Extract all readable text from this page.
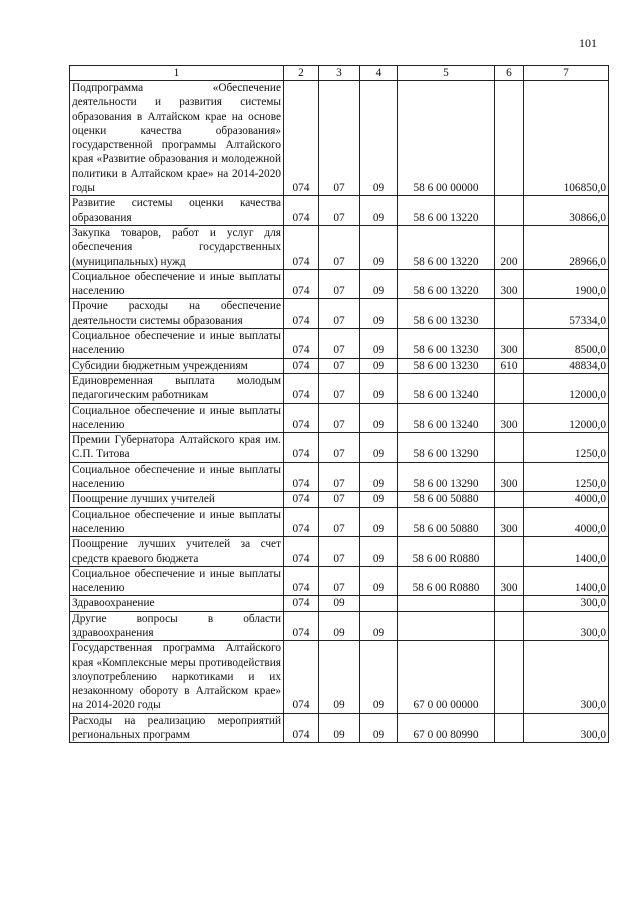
101
1	2	3	4	5	6	7
Подпрограмма «Обеспечение деятельности и развития системы образования в Алтайском крае на основе оценки качества образования» государственной программы Алтайского края «Развитие образования и молодежной политики в Алтайском крае» на 2014-2020 годы	074	07	09	58 6 00 00000		106850,0
Развитие системы оценки качества образования	074	07	09	58 6 00 13220		30866,0
Закупка товаров, работ и услуг для обеспечения государственных (муниципальных) нужд	074	07	09	58 6 00 13220	200	28966,0
Социальное обеспечение и иные выплаты населению	074	07	09	58 6 00 13220	300	1900,0
Прочие расходы на обеспечение деятельности системы образования	074	07	09	58 6 00 13230		57334,0
Социальное обеспечение и иные выплаты населению	074	07	09	58 6 00 13230	300	8500,0
Субсидии бюджетным учреждениям	074	07	09	58 6 00 13230	610	48834,0
Единовременная выплата молодым педагогическим работникам	074	07	09	58 6 00 13240		12000,0
Социальное обеспечение и иные выплаты населению	074	07	09	58 6 00 13240	300	12000,0
Премии Губернатора Алтайского края им. С.П. Титова	074	07	09	58 6 00 13290		1250,0
Социальное обеспечение и иные выплаты населению	074	07	09	58 6 00 13290	300	1250,0
Поощрение лучших учителей	074	07	09	58 6 00 50880		4000,0
Социальное обеспечение и иные выплаты населению	074	07	09	58 6 00 50880	300	4000,0
Поощрение лучших учителей за счет средств краевого бюджета	074	07	09	58 6 00 R0880		1400,0
Социальное обеспечение и иные выплаты населению	074	07	09	58 6 00 R0880	300	1400,0
Здравоохранение	074	09				300,0
Другие вопросы в области здравоохранения	074	09	09			300,0
Государственная программа Алтайского края «Комплексные меры противодействия злоупотреблению наркотиками и их незаконному обороту в Алтайском крае» на 2014-2020 годы	074	09	09	67 0 00 00000		300,0
Расходы на реализацию мероприятий региональных программ	074	09	09	67 0 00 80990		300,0
